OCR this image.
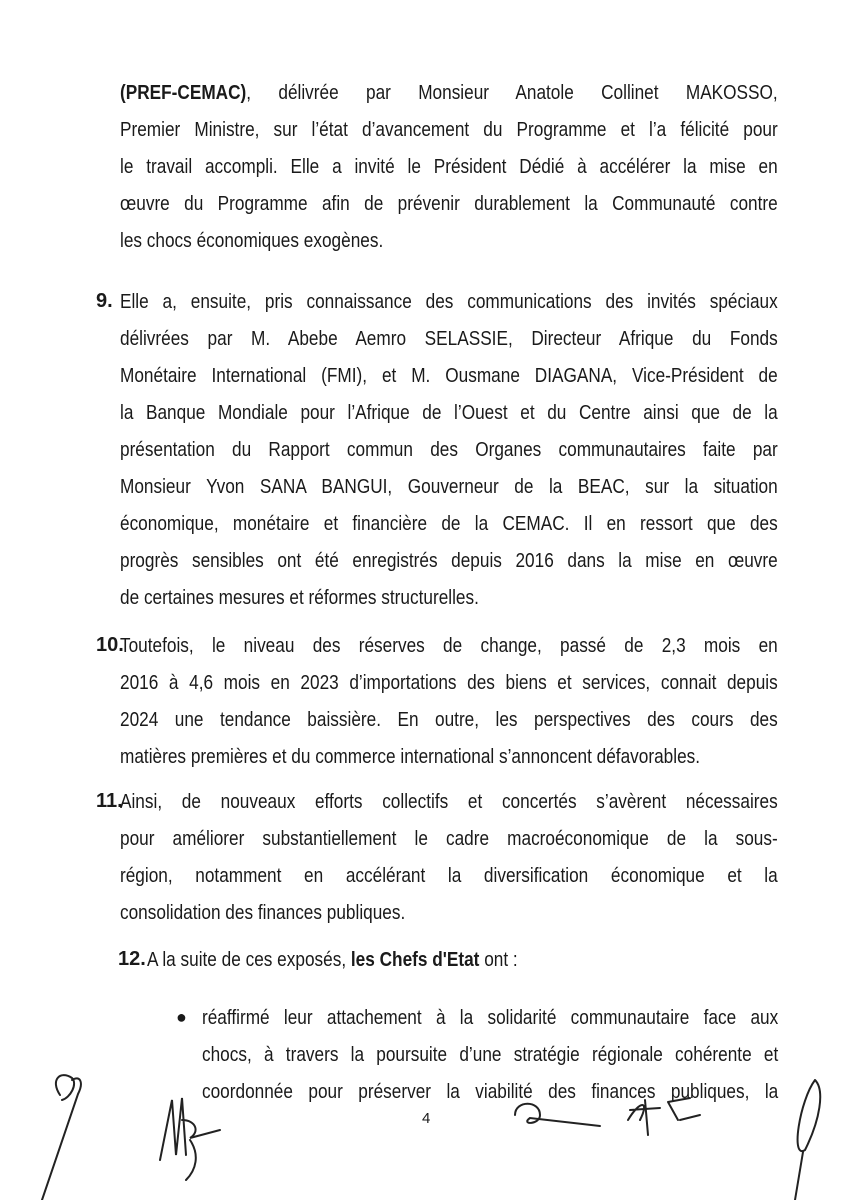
(PREF-CEMAC), délivrée par Monsieur Anatole Collinet MAKOSSO,
Premier Ministre, sur l’état d’avancement du Programme et l’a félicité pour
le travail accompli. Elle a invité le Président Dédié à accélérer la mise en
œuvre du Programme afin de prévenir durablement la Communauté contre
les chocs économiques exogènes.
9. Elle a, ensuite, pris connaissance des communications des invités spéciaux
délivrées par M. Abebe Aemro SELASSIE, Directeur Afrique du Fonds
Monétaire International (FMI), et M. Ousmane DIAGANA, Vice-Président de
la Banque Mondiale pour l’Afrique de l’Ouest et du Centre ainsi que de la
présentation du Rapport commun des Organes communautaires faite par
Monsieur Yvon SANA BANGUI, Gouverneur de la BEAC, sur la situation
économique, monétaire et financière de la CEMAC. Il en ressort que des
progrès sensibles ont été enregistrés depuis 2016 dans la mise en œuvre
de certaines mesures et réformes structurelles.
10.
Toutefois, le niveau des réserves de change, passé de 2,3 mois en
2016 à 4,6 mois en 2023 d’importations des biens et services, connait depuis
2024 une tendance baissière. En outre, les perspectives des cours des
matières premières et du commerce international s’annoncent défavorables.
11.
Ainsi, de nouveaux efforts collectifs et concertés s’avèrent nécessaires
pour améliorer substantiellement le cadre macroéconomique de la sous-
région, notamment en accélérant la diversification économique et la
consolidation des finances publiques.
12. A la suite de ces exposés, les Chefs d'Etat ont :
● réaffirmé leur attachement à la solidarité communautaire face aux
chocs, à travers la poursuite d’une stratégie régionale cohérente et
coordonnée pour préserver la viabilité des finances publiques, la
4
